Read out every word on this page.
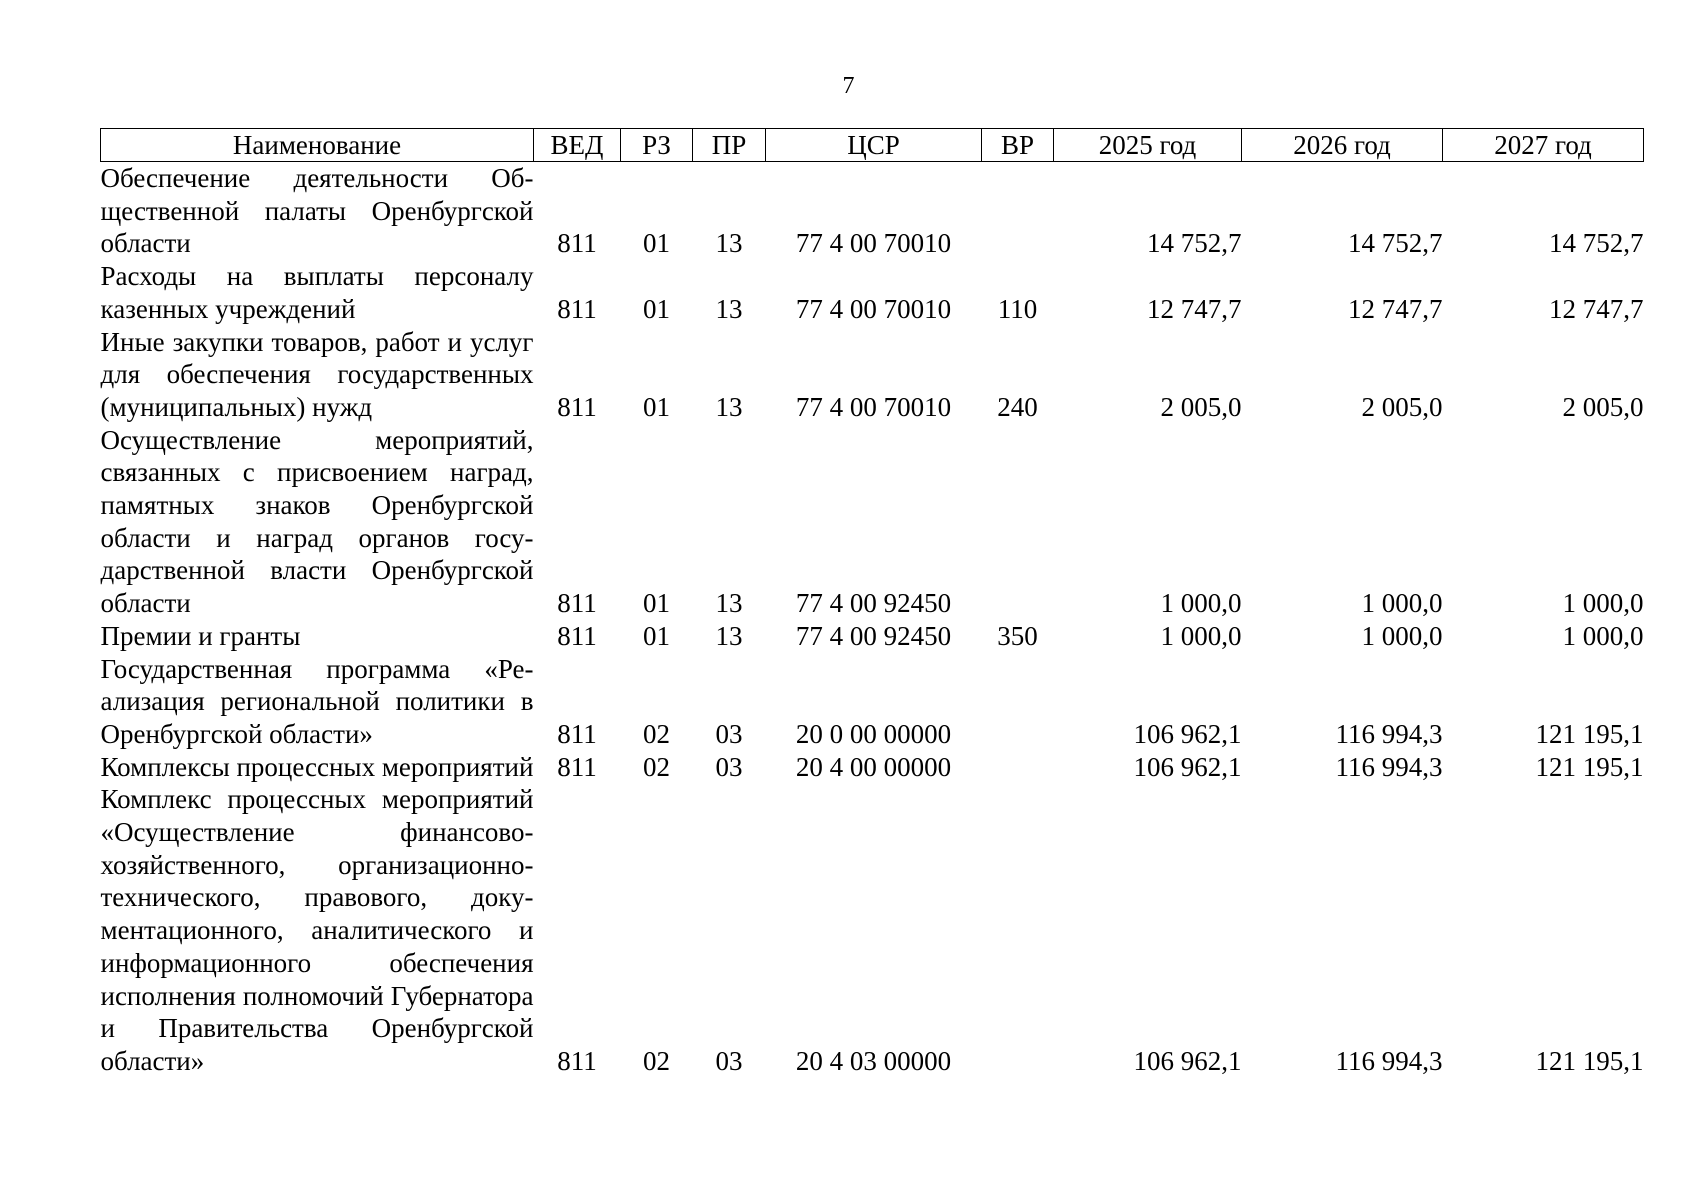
7
Наименование	ВЕД	РЗ	ПР	ЦСР	ВР	2025 год	2026 год	2027 год
Обеспечение деятельности Общественной палаты Оренбургской области	811	01	13	77 4 00 70010		14 752,7	14 752,7	14 752,7
Расходы на выплаты персоналу казенных учреждений	811	01	13	77 4 00 70010	110	12 747,7	12 747,7	12 747,7
Иные закупки товаров, работ и услуг для обеспечения государственных (муниципальных) нужд	811	01	13	77 4 00 70010	240	2 005,0	2 005,0	2 005,0
Осуществление мероприятий, связанных с присвоением наград, памятных знаков Оренбургской области и наград органов государственной власти Оренбургской области	811	01	13	77 4 00 92450		1 000,0	1 000,0	1 000,0
Премии и гранты	811	01	13	77 4 00 92450	350	1 000,0	1 000,0	1 000,0
Государственная программа «Реализация региональной политики в Оренбургской области»	811	02	03	20 0 00 00000		106 962,1	116 994,3	121 195,1
Комплексы процессных мероприятий	811	02	03	20 4 00 00000		106 962,1	116 994,3	121 195,1
Комплекс процессных мероприятий «Осуществление финансово-хозяйственного, организационно-технического, правового, документационного, аналитического и информационного обеспечения исполнения полномочий Губернатора и Правительства Оренбургской области»	811	02	03	20 4 03 00000		106 962,1	116 994,3	121 195,1
